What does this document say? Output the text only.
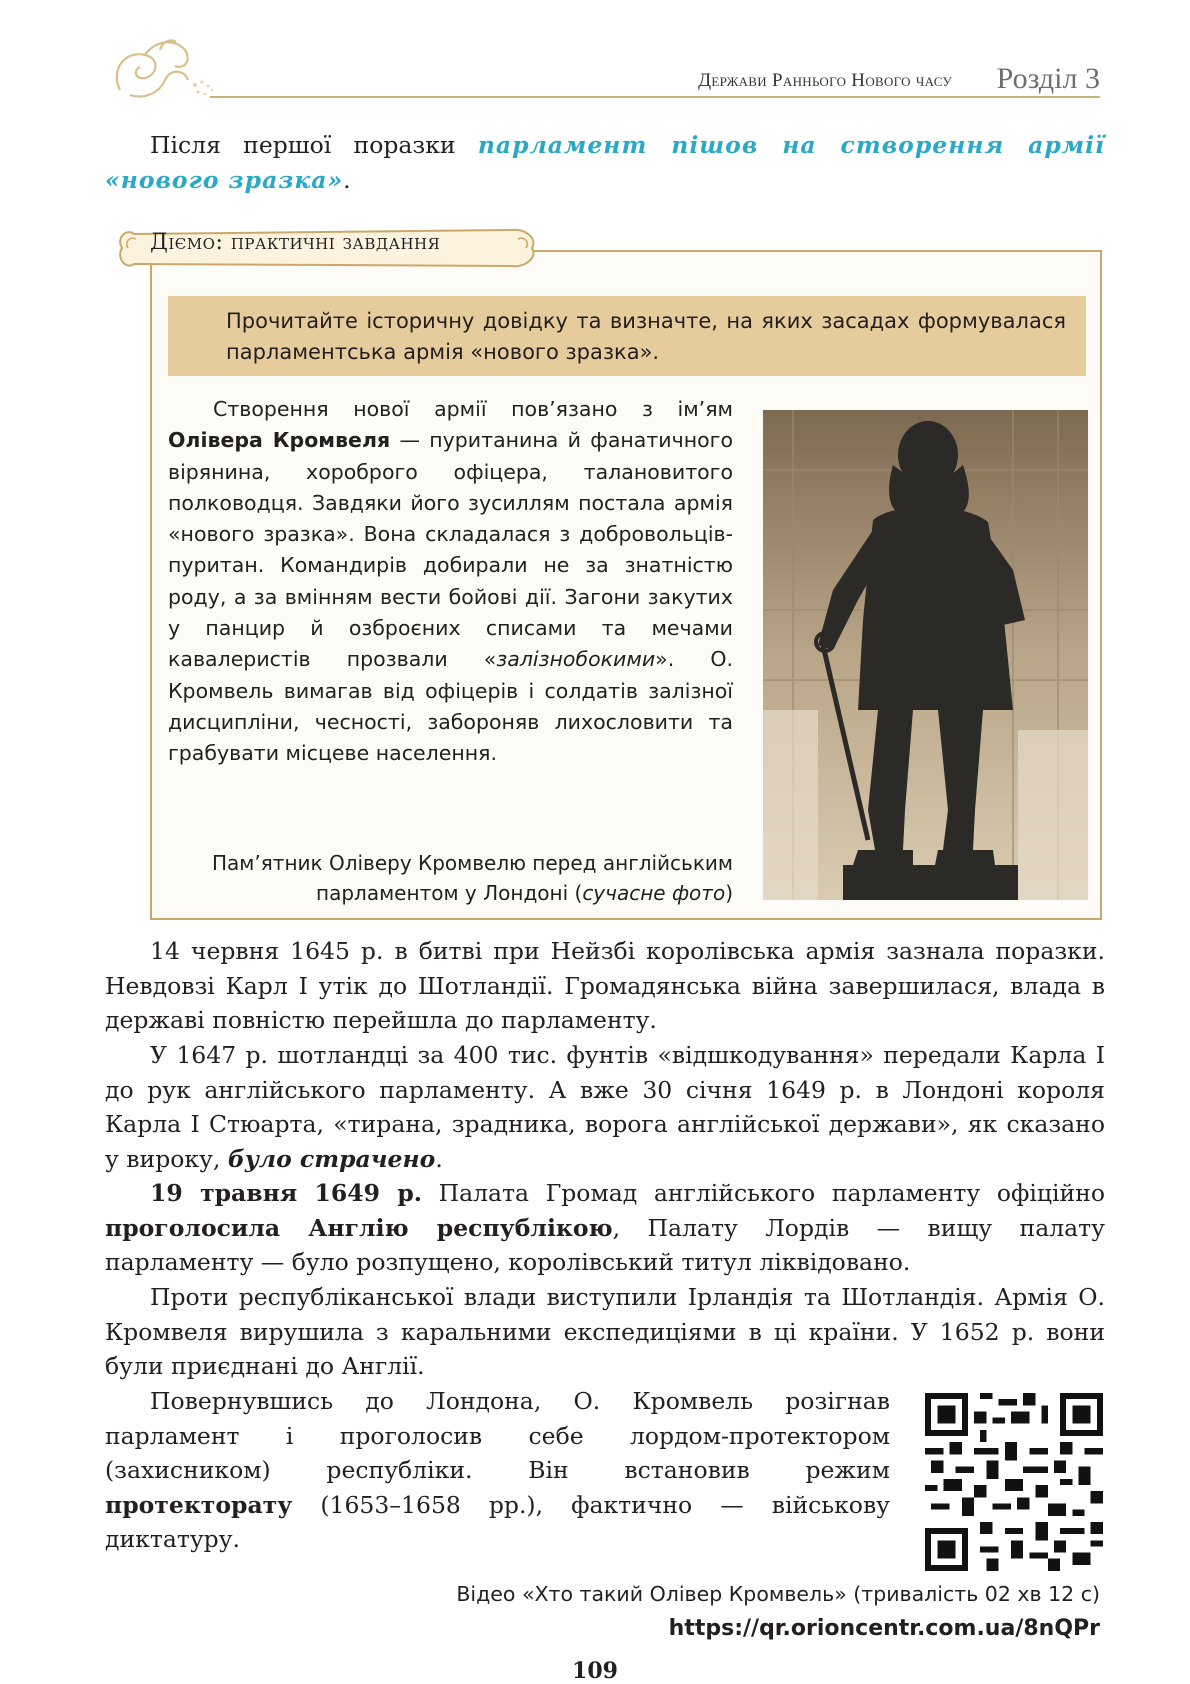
Держави Раннього Нового часу Розділ 3

Після першої поразки парламент пішов на створення армії «нового зразка».

Діємо: практичні завдання
Прочитайте історичну довідку та визначте, на яких засадах формувалася парламентська армія «нового зразка».

Створення нової армії пов’язано з ім’ям Олівера Кромвеля — пуританина й фанатичного вірянина, хороброго офіцера, талановитого полководця. Завдяки його зусиллям постала армія «нового зразка». Вона складалася з добровольців-пуритан. Командирів добирали не за знатністю роду, а за вмінням вести бойові дії. Загони закутих у панцир й озброєних списами та мечами кавалеристів прозвали «залізнобокими». О. Кромвель вимагав від офіцерів і солдатів залізної дисципліни, чесності, забороняв лихословити та грабувати місцеве населення.

Пам’ятник Оліверу Кромвелю перед англійським парламентом у Лондоні (сучасне фото)

14 червня 1645 р. в битві при Нейзбі королівська армія зазнала поразки. Невдовзі Карл I утік до Шотландії. Громадянська війна завершилася, влада в державі повністю перейшла до парламенту.

У 1647 р. шотландці за 400 тис. фунтів «відшкодування» передали Карла I до рук англійського парламенту. А вже 30 січня 1649 р. в Лондоні короля Карла I Стюарта, «тирана, зрадника, ворога англійської держави», як сказано у вироку, було страчено.

19 травня 1649 р. Палата Громад англійського парламенту офіційно проголосила Англію республікою, Палату Лордів — вищу палату парламенту — було розпущено, королівський титул ліквідовано.

Проти республіканської влади виступили Ірландія та Шотландія. Армія О. Кромвеля вирушила з каральними експедиціями в ці країни. У 1652 р. вони були приєднані до Англії.

Повернувшись до Лондона, О. Кромвель розігнав парламент і проголосив себе лордом-протектором (захисником) республіки. Він встановив режим протекторату (1653–1658 рр.), фактично — військову диктатуру.

Відео «Хто такий Олівер Кромвель» (тривалість 02 хв 12 с)
https://qr.orioncentr.com.ua/8nQPr
109
